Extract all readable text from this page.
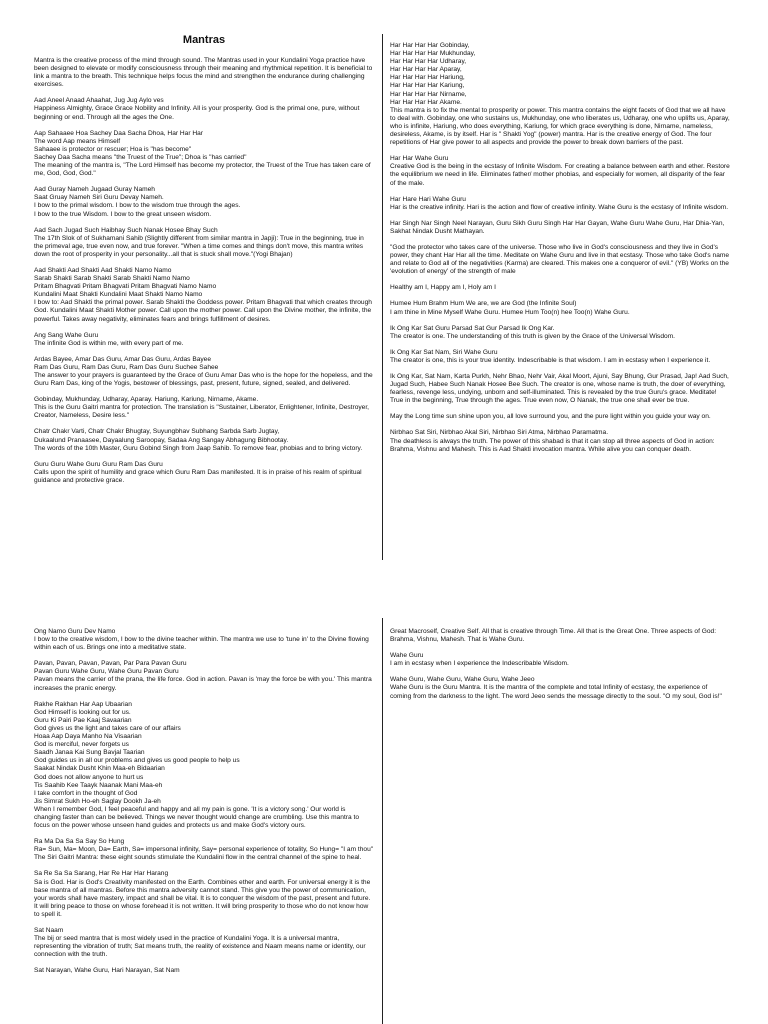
Mantras
Mantra is the creative process of the mind through sound. The Mantras used in your Kundalini Yoga practice have been designed to elevate or modify consciousness through their meaning and rhythmical repetition. It is beneficial to link a mantra to the breath. This technique helps focus the mind and strengthen the endurance during challenging exercises.
Aad Aneel Anaad Ahaahat, Jug Jug Aylo ves
Happiness Almighty, Grace Grace Nobility and Infinity. All is your prosperity. God is the primal one, pure, without beginning or end. Through all the ages the One.
Aap Sahaaee Hoa Sachey Daa Sacha Dhoa, Har Har Har
The word Aap means Himself
Sahaaee is protector or rescuer; Hoa is "has become"
Sachey Daa Sacha means "the Truest of the True"; Dhoa is "has carried"
The meaning of the mantra is, "The Lord Himself has become my protector, the Truest of the True has taken care of me, God, God, God."
Aad Guray Nameh Jugaad Guray Nameh
Saat Gruay Nameh Siri Guru Devay Nameh.
I bow to the primal wisdom. I bow to the wisdom true through the ages.
I bow to the true Wisdom. I bow to the great unseen wisdom.
Aad Sach Jugad Such Haibhay Such Nanak Hosee Bhay Such
The 17th Slok of of Sukhamani Sahib (Slightly different from similar mantra in Japji): True in the beginning, true in the primeval age, true even now, and true forever. "When a time comes and things don't move, this mantra writes down the root of prosperity in your personality...all that is stuck shall move."(Yogi Bhajan)
Aad Shakti Aad Shakti Aad Shakti Namo Namo
Sarab Shakti Sarab Shakti Sarab Shakti Namo Namo
Pritam Bhagvati Pritam Bhagvati Pritam Bhagvati Namo Namo
Kundalini Maat Shakti Kundalini Maat Shakti Namo Namo
I bow to: Aad Shakti the primal power. Sarab Shakti the Goddess power. Pritam Bhagvati that which creates through God. Kundalini Maat Shakti Mother power. Call upon the mother power. Call upon the Divine mother, the infinite, the powerful. Takes away negativity, eliminates fears and brings fulfillment of desires.
Ang Sang Wahe Guru
The infinite God is within me, with every part of me.
Ardas Bayee, Amar Das Guru, Amar Das Guru, Ardas Bayee
Ram Das Guru, Ram Das Guru, Ram Das Guru Suchee Sahee
The answer to your prayers is guaranteed by the Grace of Guru Amar Das who is the hope for the hopeless, and the Guru Ram Das, king of the Yogis, bestower of blessings, past, present, future, signed, sealed, and delivered.
Gobinday, Mukhunday, Udharay, Aparay. Hariung, Kariung, Nirname, Akame.
This is the Guru Gaitri mantra for protection. The translation is "Sustainer, Liberator, Enlightener, Infinite, Destroyer, Creator, Nameless, Desire less."
Chatr Chakr Varti, Chatr Chakr Bhugtay, Suyungbhav Subhang Sarbda Sarb Jugtay,
Dukaalund Pranaasee, Dayaalung Saroopay, Sadaa Ang Sangay Abhagung Bibhootay.
The words of the 10th Master, Guru Gobind Singh from Jaap Sahib. To remove fear, phobias and to bring victory.
Guru Guru Wahe Guru Guru Ram Das Guru
Calls upon the spirit of humility and grace which Guru Ram Das manifested. It is in praise of his realm of spiritual guidance and protective grace.
Har Har Har Har Gobinday,
Har Har Har Har Mukhunday,
Har Har Har Har Udharay,
Har Har Har Har Aparay,
Har Har Har Har Hariung,
Har Har Har Har Kariung,
Har Har Har Har Nirname,
Har Har Har Har Akame.
This mantra is to fix the mental to prosperity or power. This mantra contains the eight facets of God that we all have to deal with. Gobinday, one who sustains us, Mukhunday, one who liberates us, Udharay, one who uplifts us, Aparay, who is infinite, Hariung, who does everything, Kariung, for which grace everything is done, Nirname, nameless, desireless, Akame, is by itself. Har is " Shakti Yog" (power) mantra. Har is the creative energy of God. The four repetitions of Har give power to all aspects and provide the power to break down barriers of the past.
Har Har Wahe Guru
Creative God is the being in the ecstasy of Infinite Wisdom. For creating a balance between earth and ether. Restore the equilibrium we need in life. Eliminates father/ mother phobias, and especially for women, all disparity of the fear of the male.
Har Hare Hari Wahe Guru
Har is the creative infinity. Hari is the action and flow of creative infinity. Wahe Guru is the ecstasy of Infinite wisdom.
Har Singh Nar Singh Neel Narayan, Guru Sikh Guru Singh Har Har Gayan, Wahe Guru Wahe Guru, Har Dhia-Yan, Sakhat Nindak Dusht Mathayan.
"God the protector who takes care of the universe. Those who live in God's consciousness and they live in God's power, they chant Har Har all the time. Meditate on Wahe Guru and live in that ecstasy. Those who take God's name and relate to God all of the negativities (Karma) are cleared. This makes one a conqueror of evil." (YB) Works on the 'evolution of energy' of the strength of male
Healthy am I, Happy am I, Holy am I
Humee Hum Brahm Hum We are, we are God (the Infinite Soul)
I am thine in Mine Myself Wahe Guru. Humee Hum Too(n) hee Too(n) Wahe Guru.
Ik Ong Kar Sat Guru Parsad Sat Gur Parsad Ik Ong Kar.
The creator is one. The understanding of this truth is given by the Grace of the Universal Wisdom.
Ik Ong Kar Sat Nam, Siri Wahe Guru
The creator is one, this is your true identity. Indescribable is that wisdom. I am in ecstasy when I experience it.
Ik Ong Kar, Sat Nam, Karta Purkh, Nehr Bhao, Nehr Vair, Akal Moort, Ajuni, Say Bhung, Gur Prasad, Jap! Aad Such, Jugad Such, Habee Such Nanak Hosee Bee Such. The creator is one, whose name is truth, the doer of everything, fearless, revenge less, undying, unborn and self-illuminated. This is revealed by the true Guru's grace. Meditate! True in the beginning, True through the ages. True even now, O Nanak, the true one shall ever be true.
May the Long time sun shine upon you, all love surround you, and the pure light within you guide your way on.
Nirbhao Sat Siri, Nirbhao Akal Siri, Nirbhao Siri Atma, Nirbhao Paramatma.
The deathless is always the truth. The power of this shabad is that it can stop all three aspects of God in action: Brahma, Vishnu and Mahesh. This is Aad Shakti invocation mantra. While alive you can conquer death.
Ong Namo Guru Dev Namo
I bow to the creative wisdom, I bow to the divine teacher within. The mantra we use to 'tune in' to the Divine flowing within each of us. Brings one into a meditative state.
Pavan, Pavan, Pavan, Pavan, Par Para Pavan Guru
Pavan Guru Wahe Guru, Wahe Guru Pavan Guru
Pavan means the carrier of the prana, the life force. God in action. Pavan is 'may the force be with you.' This mantra increases the pranic energy.
Rakhe Rakhan Har Aap Ubaarian
God Himself is looking out for us.
Guru Ki Pairi Pae Kaaj Savaarian
God gives us the light and takes care of our affairs
Hoaa Aap Daya Manho Na Visaarian
God is merciful, never forgets us
Saadh Janaa Kai Sung Bavjal Taarian
God guides us in all our problems and gives us good people to help us
Saakat Nindak Dusht Khin Maa-eh Bidaarian
God does not allow anyone to hurt us
Tis Saahib Kee Taayk Naanak Mani Maa-eh
I take comfort in the thought of God
Jis Simrat Sukh Ho-eh Saglay Dookh Ja-eh
When I remember God, I feel peaceful and happy and all my pain is gone. 'It is a victory song.' Our world is changing faster than can be believed. Things we never thought would change are crumbling. Use this mantra to focus on the power whose unseen hand guides and protects us and make God's victory ours.
Ra Ma Da Sa Sa Say So Hung
Ra= Sun, Ma= Moon, Da= Earth, Sa= impersonal infinity, Say= personal experience of totality, So Hung= "I am thou" The Siri Gaitri Mantra: these eight sounds stimulate the Kundalini flow in the central channel of the spine to heal.
Sa Re Sa Sa Sarang, Har Re Har Har Harang
Sa is God. Har is God's Creativity manifested on the Earth. Combines ether and earth. For universal energy it is the base mantra of all mantras. Before this mantra adversity cannot stand. This give you the power of communication, your words shall have mastery, impact and shall be vital. It is to conquer the wisdom of the past, present and future. It will bring peace to those on whose forehead it is not written. It will bring prosperity to those who do not know how to spell it.
Sat Naam
The bij or seed mantra that is most widely used in the practice of Kundalini Yoga. It is a universal mantra, representing the vibration of truth; Sat means truth, the reality of existence and Naam means name or identity, our connection with the truth.
Sat Narayan, Wahe Guru, Hari Narayan, Sat Nam
Great Macroself, Creative Self. All that is creative through Time. All that is the Great One. Three aspects of God: Brahma, Vishnu, Mahesh. That is Wahe Guru.
Wahe Guru
I am in ecstasy when I experience the Indescribable Wisdom.
Wahe Guru, Wahe Guru, Wahe Guru, Wahe Jeeo
Wahe Guru is the Guru Mantra. It is the mantra of the complete and total Infinity of ecstasy, the experience of coming from the darkness to the light. The word Jeeo sends the message directly to the soul. "O my soul, God is!"
